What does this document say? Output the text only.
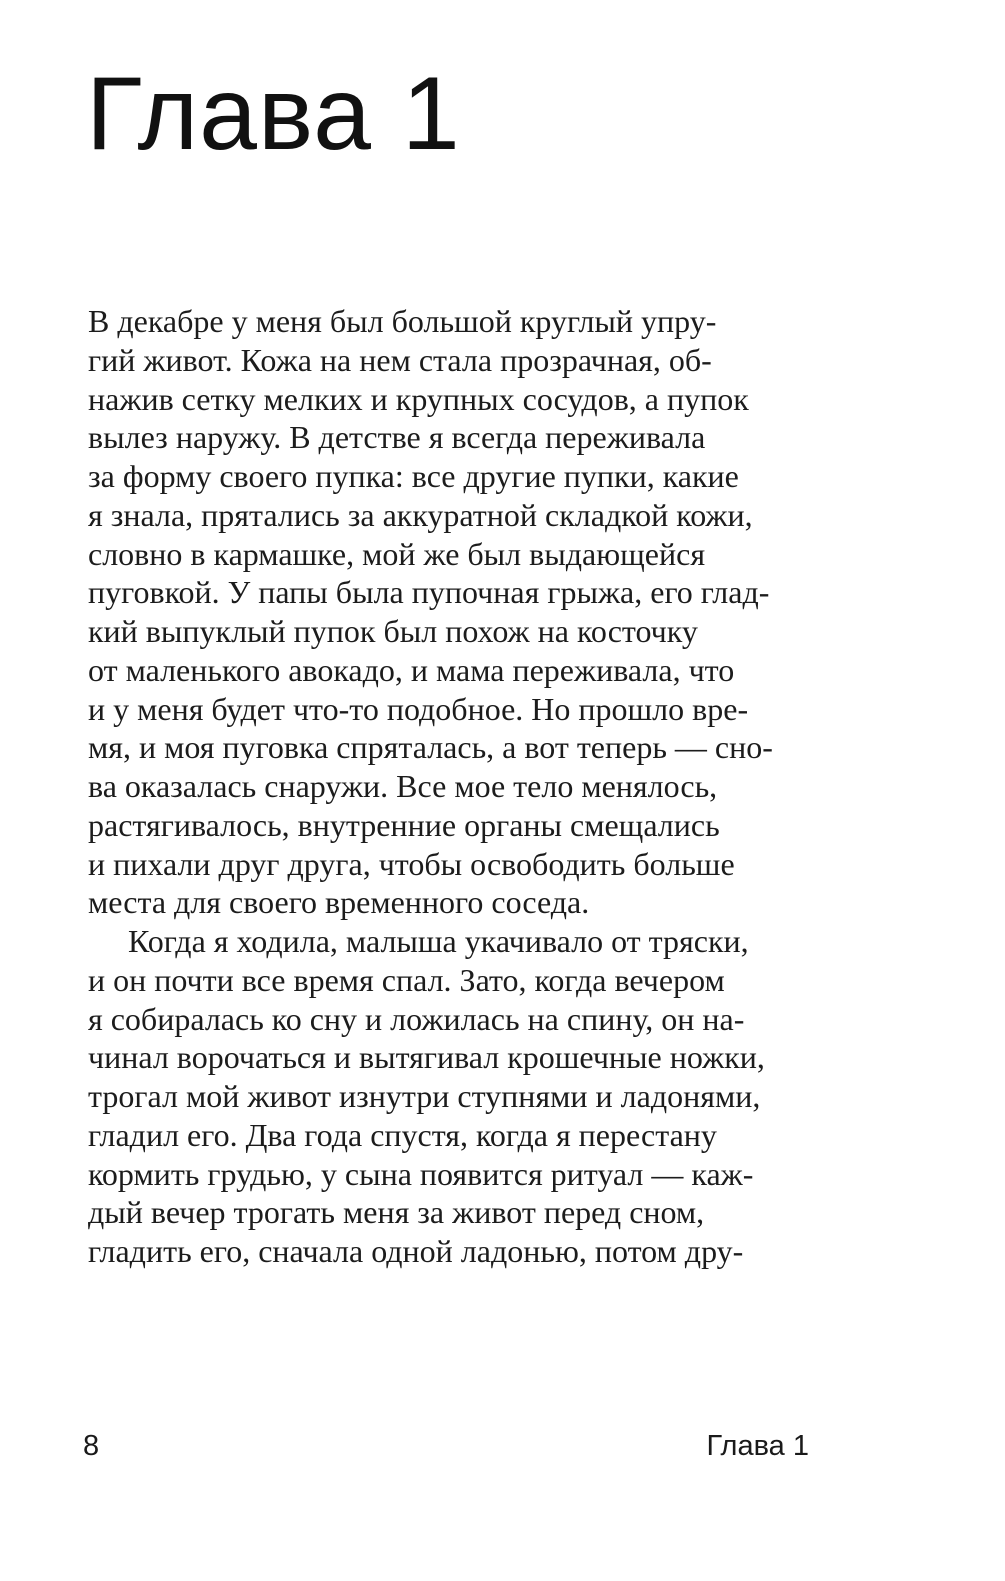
Глава 1
В декабре у меня был большой круглый упру-
гий живот. Кожа на нем стала прозрачная, об-
нажив сетку мелких и крупных сосудов, а пупок
вылез наружу. В детстве я всегда переживала
за форму своего пупка: все другие пупки, какие
я знала, прятались за аккуратной складкой кожи,
словно в кармашке, мой же был выдающейся
пуговкой. У папы была пупочная грыжа, его глад-
кий выпуклый пупок был похож на косточку
от маленького авокадо, и мама переживала, что
и у меня будет что-то подобное. Но прошло вре-
мя, и моя пуговка спряталась, а вот теперь — сно-
ва оказалась снаружи. Все мое тело менялось,
растягивалось, внутренние органы смещались
и пихали друг друга, чтобы освободить больше
места для своего временного соседа.
Когда я ходила, малыша укачивало от тряски,
и он почти все время спал. Зато, когда вечером
я собиралась ко сну и ложилась на спину, он на-
чинал ворочаться и вытягивал крошечные ножки,
трогал мой живот изнутри ступнями и ладонями,
гладил его. Два года спустя, когда я перестану
кормить грудью, у сына появится ритуал — каж-
дый вечер трогать меня за живот перед сном,
гладить его, сначала одной ладонью, потом дру-
8	Глава 1
